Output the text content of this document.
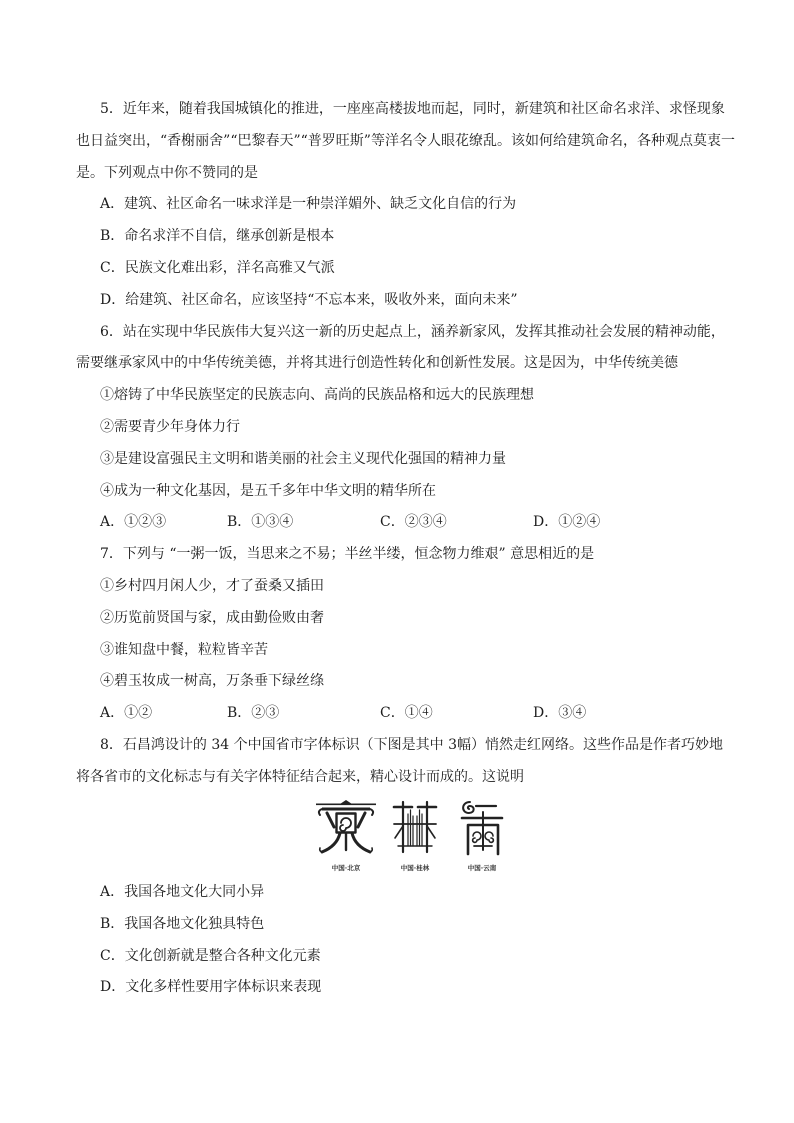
5．近年来，随着我国城镇化的推进，一座座高楼拔地而起，同时，新建筑和社区命名求洋、求怪现象
也日益突出，“香榭丽舍”“巴黎春天”“普罗旺斯”等洋名令人眼花缭乱。该如何给建筑命名，各种观点莫衷一
是。下列观点中你不赞同的是
A．建筑、社区命名一味求洋是一种崇洋媚外、缺乏文化自信的行为
B．命名求洋不自信，继承创新是根本
C．民族文化难出彩，洋名高雅又气派
D．给建筑、社区命名，应该坚持“不忘本来，吸收外来，面向未来”
6．站在实现中华民族伟大复兴这一新的历史起点上，涵养新家风，发挥其推动社会发展的精神动能，
需要继承家风中的中华传统美德，并将其进行创造性转化和创新性发展。这是因为，中华传统美德
①熔铸了中华民族坚定的民族志向、高尚的民族品格和远大的民族理想
②需要青少年身体力行
③是建设富强民主文明和谐美丽的社会主义现代化强国的精神力量
④成为一种文化基因，是五千多年中华文明的精华所在
A．①②③	B．①③④	C．②③④	D．①②④
7．下列与 “一粥一饭，当思来之不易；半丝半缕，恒念物力维艰” 意思相近的是
①乡村四月闲人少，才了蚕桑又插田
②历览前贤国与家，成由勤俭败由奢
③谁知盘中餐，粒粒皆辛苦
④碧玉妆成一树高，万条垂下绿丝绦
A．①②	B．②③	C．①④	D．③④
8．石昌鸿设计的 34 个中国省市字体标识（下图是其中 3幅）悄然走红网络。这些作品是作者巧妙地
将各省市的文化标志与有关字体特征结合起来，精心设计而成的。这说明
中国·北京	中国·桂林	中国·云南
A．我国各地文化大同小异
B．我国各地文化独具特色
C．文化创新就是整合各种文化元素
D．文化多样性要用字体标识来表现
